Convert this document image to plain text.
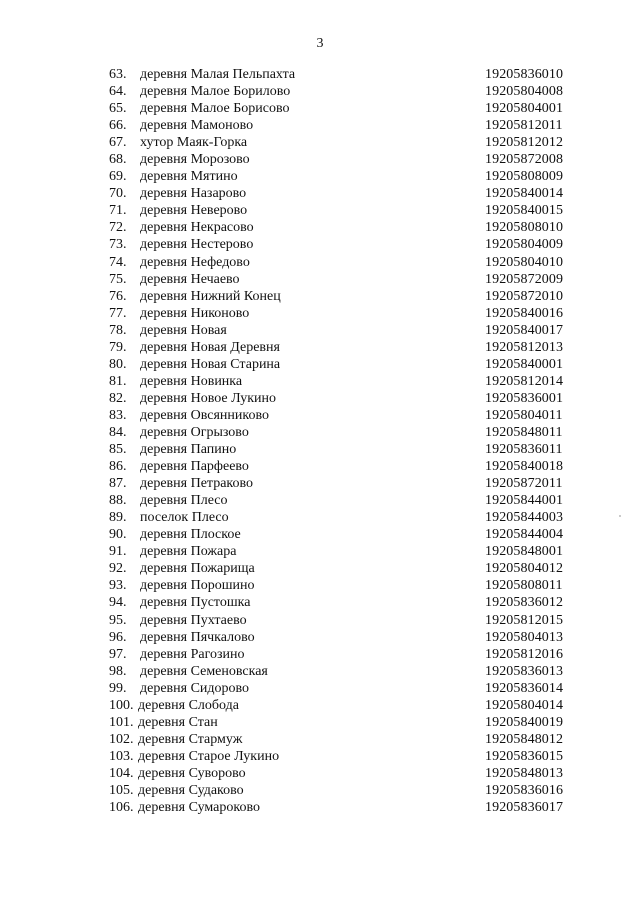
3
63. деревня Малая Пельпахта	19205836010
64. деревня Малое Борилово	19205804008
65. деревня Малое Борисово	19205804001
66. деревня Мамоново	19205812011
67. хутор Маяк-Горка	19205812012
68. деревня Морозово	19205872008
69. деревня Мятино	19205808009
70. деревня Назарово	19205840014
71. деревня Неверово	19205840015
72. деревня Некрасово	19205808010
73. деревня Нестерово	19205804009
74. деревня Нефедово	19205804010
75. деревня Нечаево	19205872009
76. деревня Нижний Конец	19205872010
77. деревня Никоново	19205840016
78. деревня Новая	19205840017
79. деревня Новая Деревня	19205812013
80. деревня Новая Старина	19205840001
81. деревня Новинка	19205812014
82. деревня Новое Лукино	19205836001
83. деревня Овсянниково	19205804011
84. деревня Огрызово	19205848011
85. деревня Папино	19205836011
86. деревня Парфеево	19205840018
87. деревня Петраково	19205872011
88. деревня Плесо	19205844001
89. поселок Плесо	19205844003
90. деревня Плоское	19205844004
91. деревня Пожара	19205848001
92. деревня Пожарища	19205804012
93. деревня Порошино	19205808011
94. деревня Пустошка	19205836012
95. деревня Пухтаево	19205812015
96. деревня Пячкалово	19205804013
97. деревня Рагозино	19205812016
98. деревня Семеновская	19205836013
99. деревня Сидорово	19205836014
100. деревня Слобода	19205804014
101. деревня Стан	19205840019
102. деревня Стармуж	19205848012
103. деревня Старое Лукино	19205836015
104. деревня Суворово	19205848013
105. деревня Судаково	19205836016
106. деревня Сумароково	19205836017
